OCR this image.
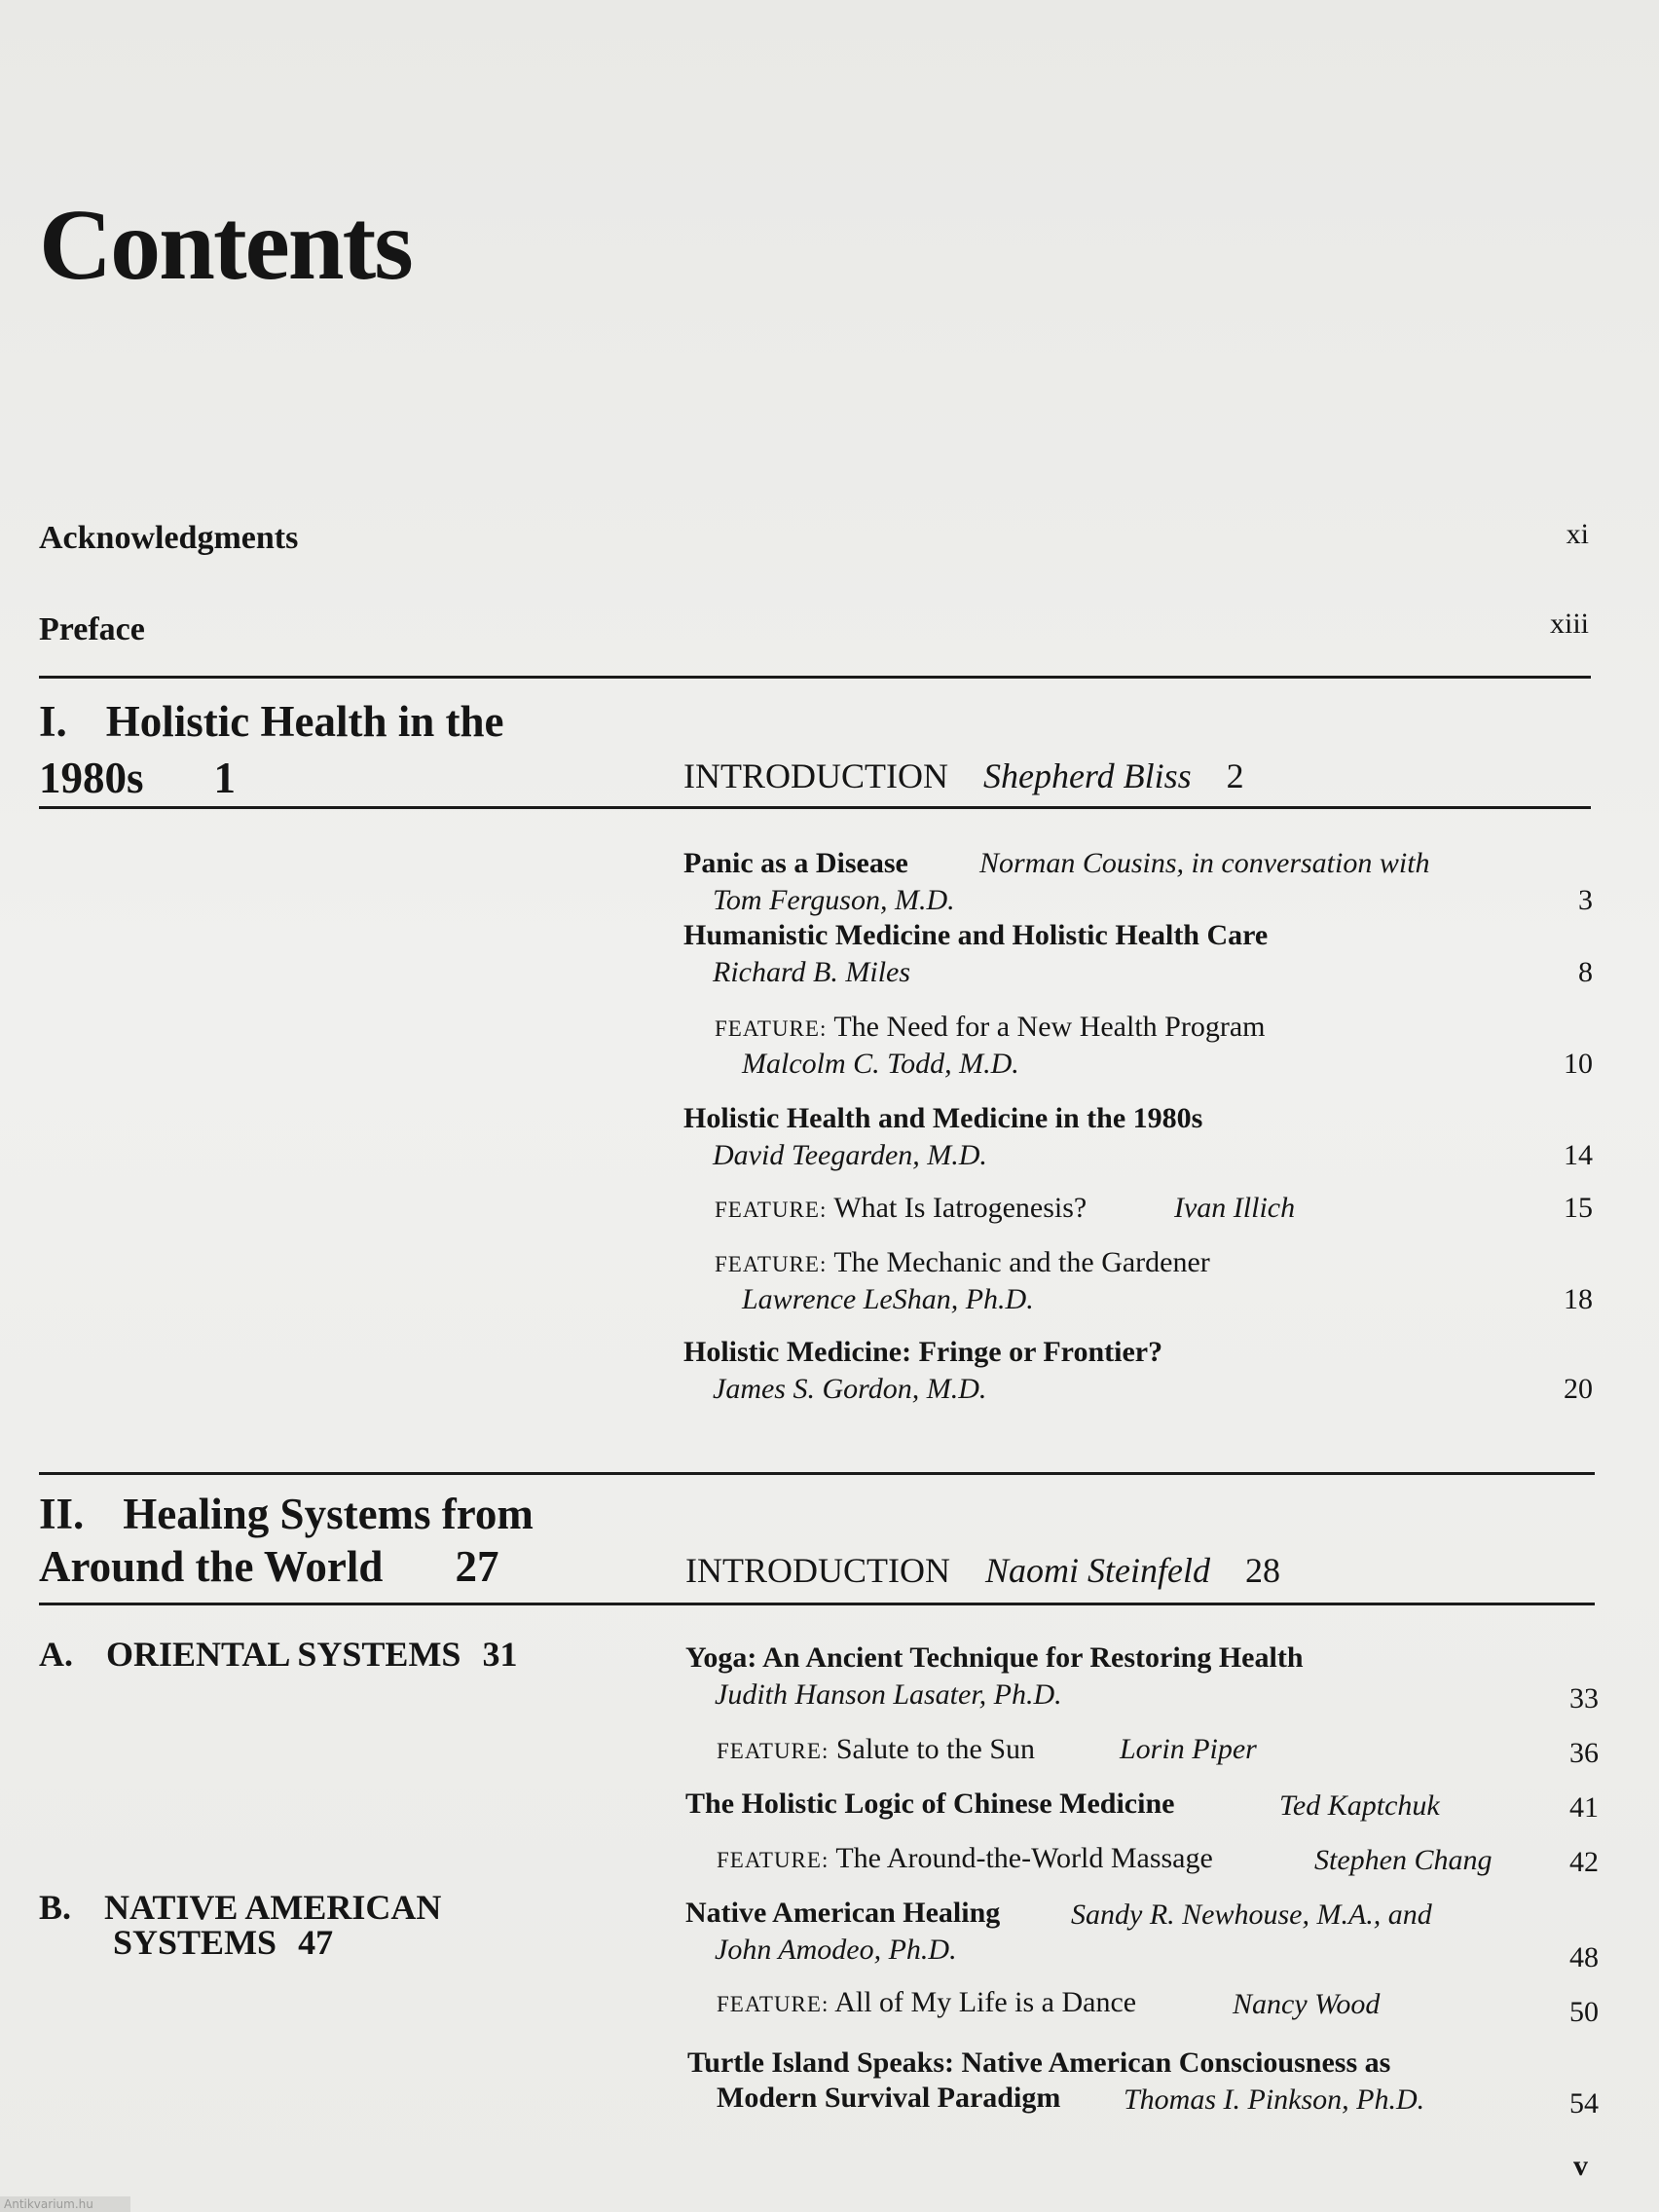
Contents
Acknowledgments	xi
Preface	xiii
I. Holistic Health in the
1980s 1	INTRODUCTION Shepherd Bliss 2
Panic as a Disease Norman Cousins, in conversation with
Tom Ferguson, M.D.	3
Humanistic Medicine and Holistic Health Care
Richard B. Miles	8
FEATURE: The Need for a New Health Program
Malcolm C. Todd, M.D.	10
Holistic Health and Medicine in the 1980s
David Teegarden, M.D.	14
FEATURE: What Is Iatrogenesis?	Ivan Illich	15
FEATURE: The Mechanic and the Gardener
Lawrence LeShan, Ph.D.	18
Holistic Medicine: Fringe or Frontier?
James S. Gordon, M.D.	20
II. Healing Systems from
Around the World 27	INTRODUCTION Naomi Steinfeld 28
A. ORIENTAL SYSTEMS 31
B. NATIVE AMERICAN
SYSTEMS 47
Yoga: An Ancient Technique for Restoring Health
Judith Hanson Lasater, Ph.D.	33
FEATURE: Salute to the Sun	Lorin Piper	36
The Holistic Logic of Chinese Medicine	Ted Kaptchuk	41
FEATURE: The Around-the-World Massage	Stephen Chang	42
Native American Healing Sandy R. Newhouse, M.A., and
John Amodeo, Ph.D.	48
FEATURE: All of My Life is a Dance	Nancy Wood	50
Turtle Island Speaks: Native American Consciousness as
Modern Survival Paradigm Thomas I. Pinkson, Ph.D.	54
v
Antikvarium.hu
